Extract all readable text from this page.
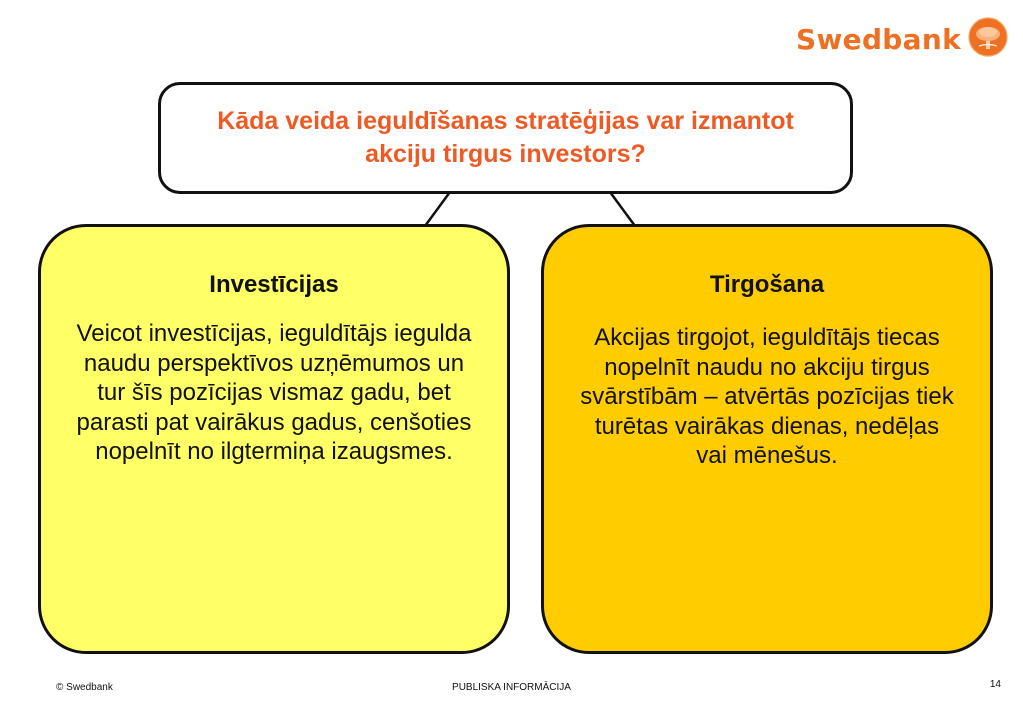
Swedbank
Kāda veida ieguldīšanas stratēģijas var izmantot akciju tirgus investors?
Investīcijas
Veicot investīcijas, ieguldītājs iegulda naudu perspektīvos uzņēmumos un tur šīs pozīcijas vismaz gadu, bet parasti pat vairākus gadus, cenšoties nopelnīt no ilgtermiņa izaugsmes.
Tirgošana
Akcijas tirgojot, ieguldītājs tiecas nopelnīt naudu no akciju tirgus svārstībām – atvērtās pozīcijas tiek turētas vairākas dienas, nedēļas vai mēnešus.
© Swedbank	PUBLISKA INFORMĀCIJA	14
